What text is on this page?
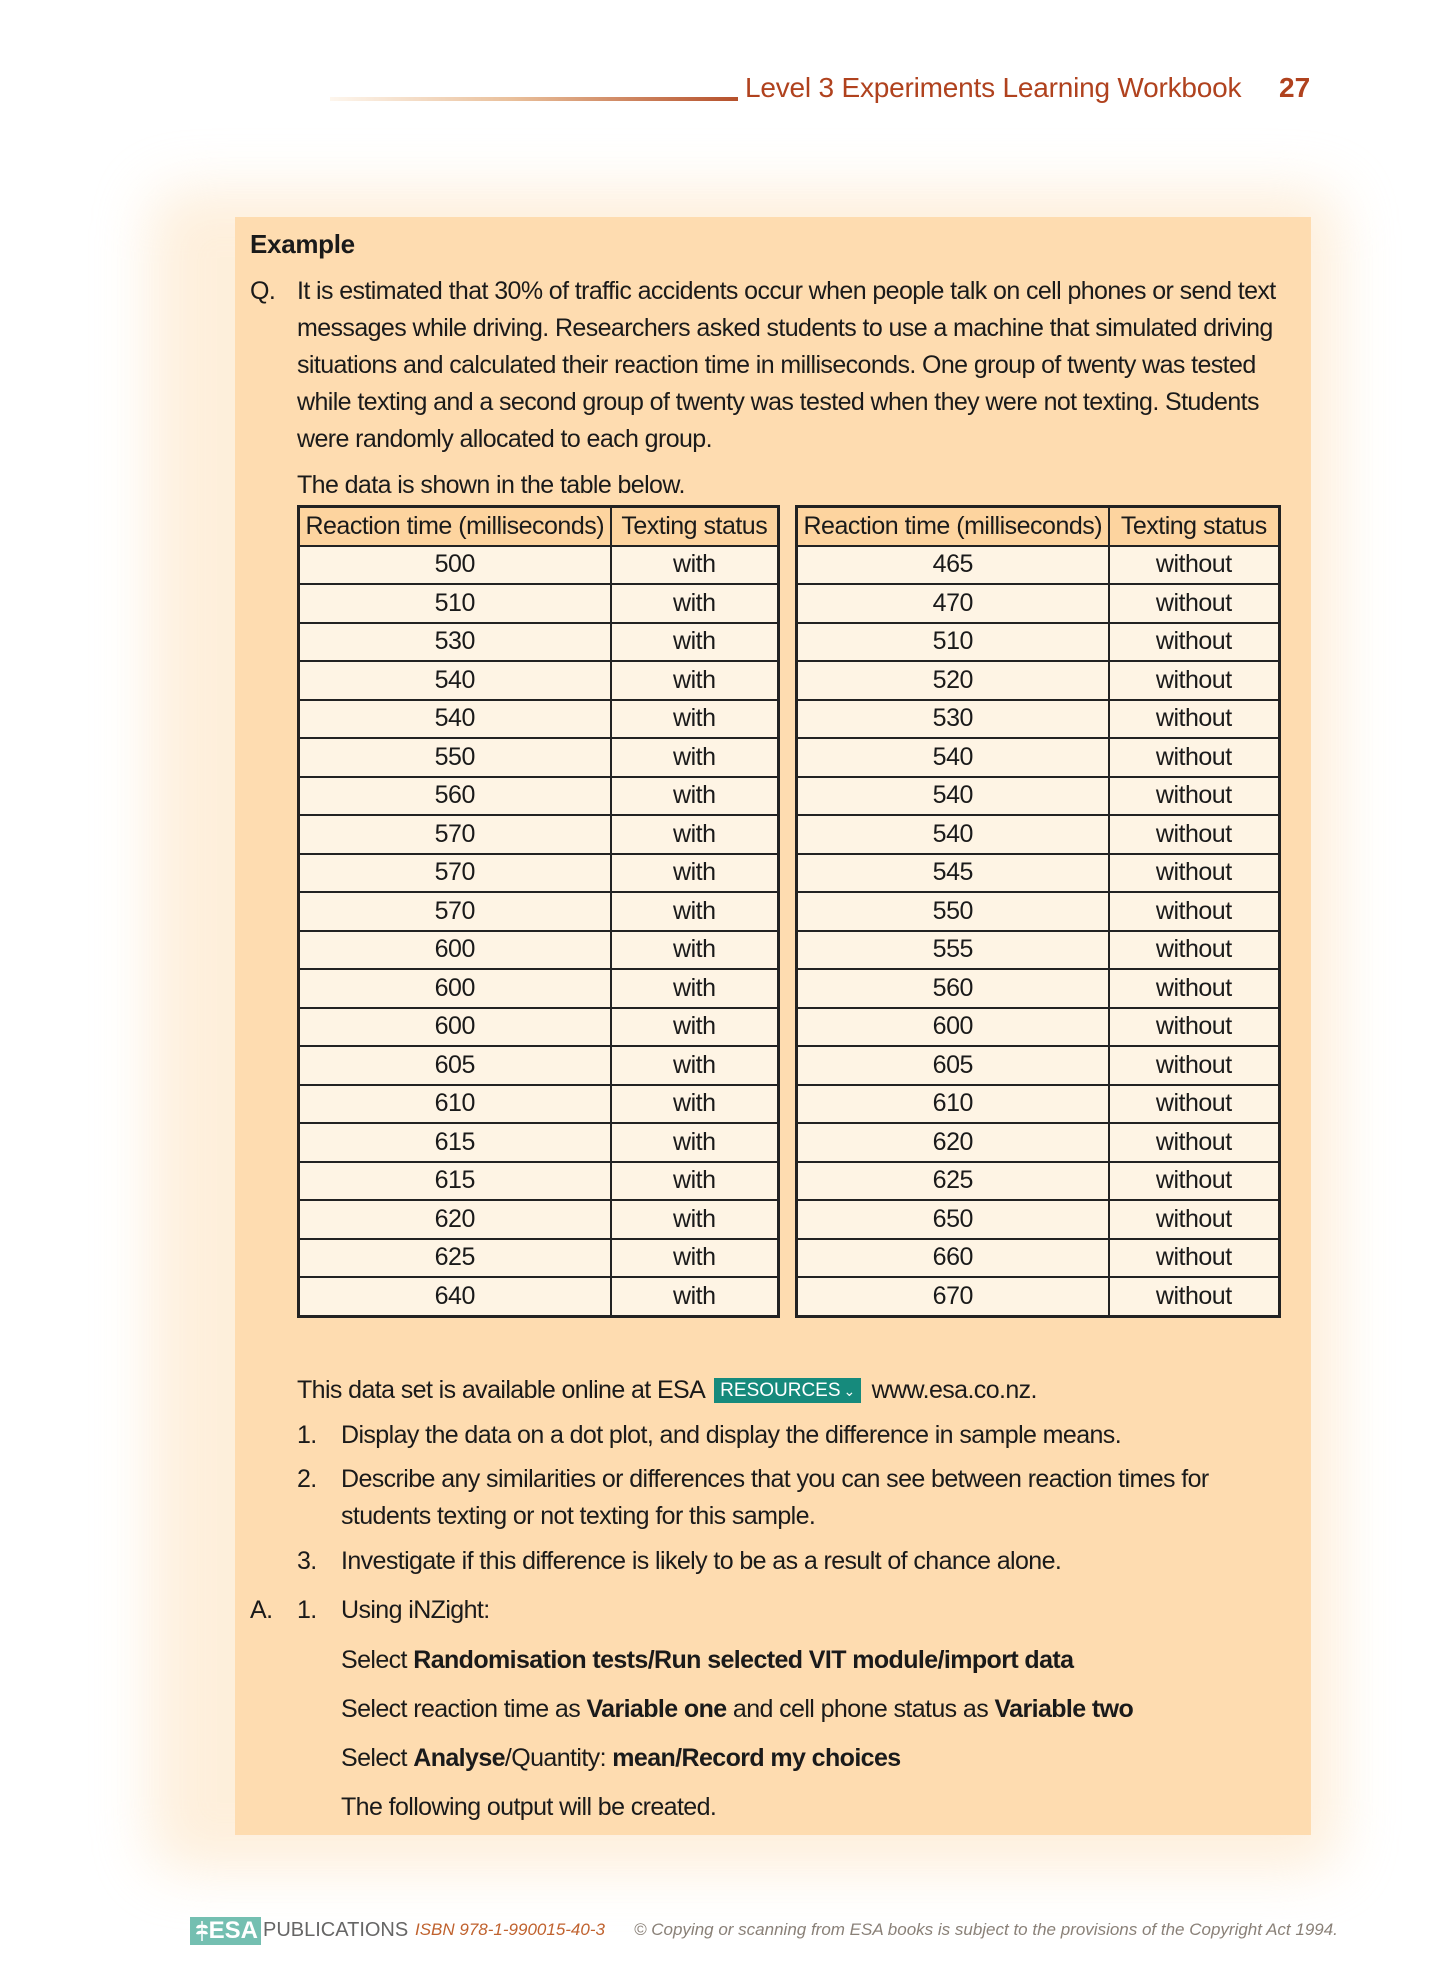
Level 3 Experiments Learning Workbook 27
Example
Q. It is estimated that 30% of traffic accidents occur when people talk on cell phones or send text
messages while driving. Researchers asked students to use a machine that simulated driving
situations and calculated their reaction time in milliseconds. One group of twenty was tested
while texting and a second group of twenty was tested when they were not texting. Students
were randomly allocated to each group.
The data is shown in the table below.
Reaction time (milliseconds)	Texting status
500	with
510	with
530	with
540	with
540	with
550	with
560	with
570	with
570	with
570	with
600	with
600	with
600	with
605	with
610	with
615	with
615	with
620	with
625	with
640	with
Reaction time (milliseconds)	Texting status
465	without
470	without
510	without
520	without
530	without
540	without
540	without
540	without
545	without
550	without
555	without
560	without
600	without
605	without
610	without
620	without
625	without
650	without
660	without
670	without
This data set is available online at ESA RESOURCES ⌄ www.esa.co.nz.
1. Display the data on a dot plot, and display the difference in sample means.
2. Describe any similarities or differences that you can see between reaction times for
students texting or not texting for this sample.
3. Investigate if this difference is likely to be as a result of chance alone.
A. 1. Using iNZight:
Select Randomisation tests/Run selected VIT module/import data
Select reaction time as Variable one and cell phone status as Variable two
Select Analyse/Quantity: mean/Record my choices
The following output will be created.
ESA PUBLICATIONS ISBN 978-1-990015-40-3 © Copying or scanning from ESA books is subject to the provisions of the Copyright Act 1994.
